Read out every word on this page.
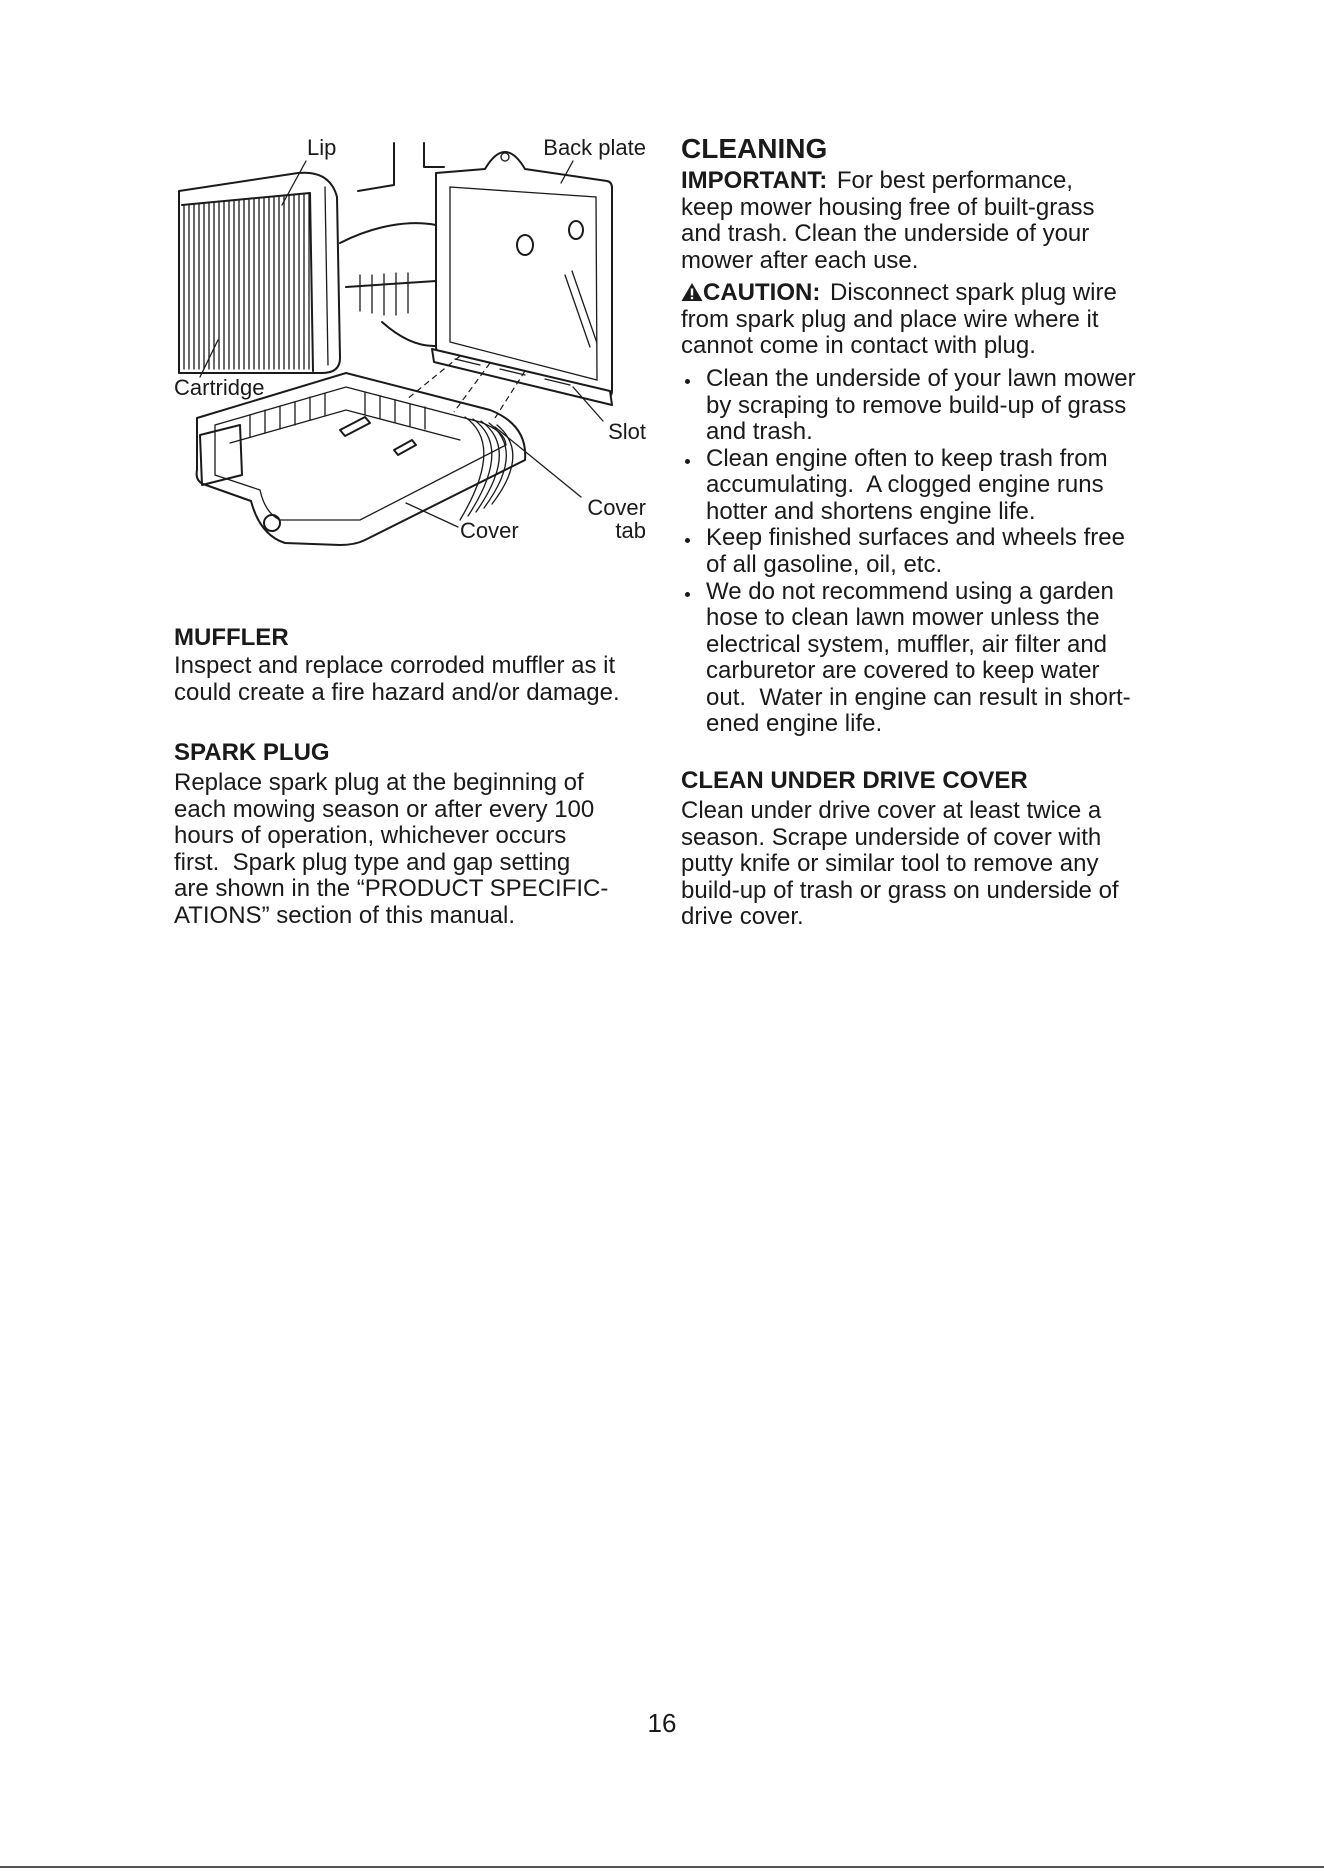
Lip	Back plate
Cartridge
Slot
Cover
tab
Cover
MUFFLER
Inspect and replace corroded muffler as it
could create a fire hazard and/or damage.
SPARK PLUG
Replace spark plug at the beginning of
each mowing season or after every 100
hours of operation, whichever occurs
first.  Spark plug type and gap setting
are shown in the “PRODUCT SPECIFIC-
ATIONS” section of this manual.
CLEANING
IMPORTANT: For best performance,
keep mower housing free of built-grass
and trash. Clean the underside of your
mower after each use.
CAUTION: Disconnect spark plug wire
from spark plug and place wire where it
cannot come in contact with plug.
Clean the underside of your lawn mower
by scraping to remove build-up of grass
and trash.
Clean engine often to keep trash from
accumulating.  A clogged engine runs
hotter and shortens engine life.
Keep finished surfaces and wheels free
of all gasoline, oil, etc.
We do not recommend using a garden
hose to clean lawn mower unless the
electrical system, muffler, air filter and
carburetor are covered to keep water
out.  Water in engine can result in short-
ened engine life.
CLEAN UNDER DRIVE COVER
Clean under drive cover at least twice a
season. Scrape underside of cover with
putty knife or similar tool to remove any
build-up of trash or grass on underside of
drive cover.
16
